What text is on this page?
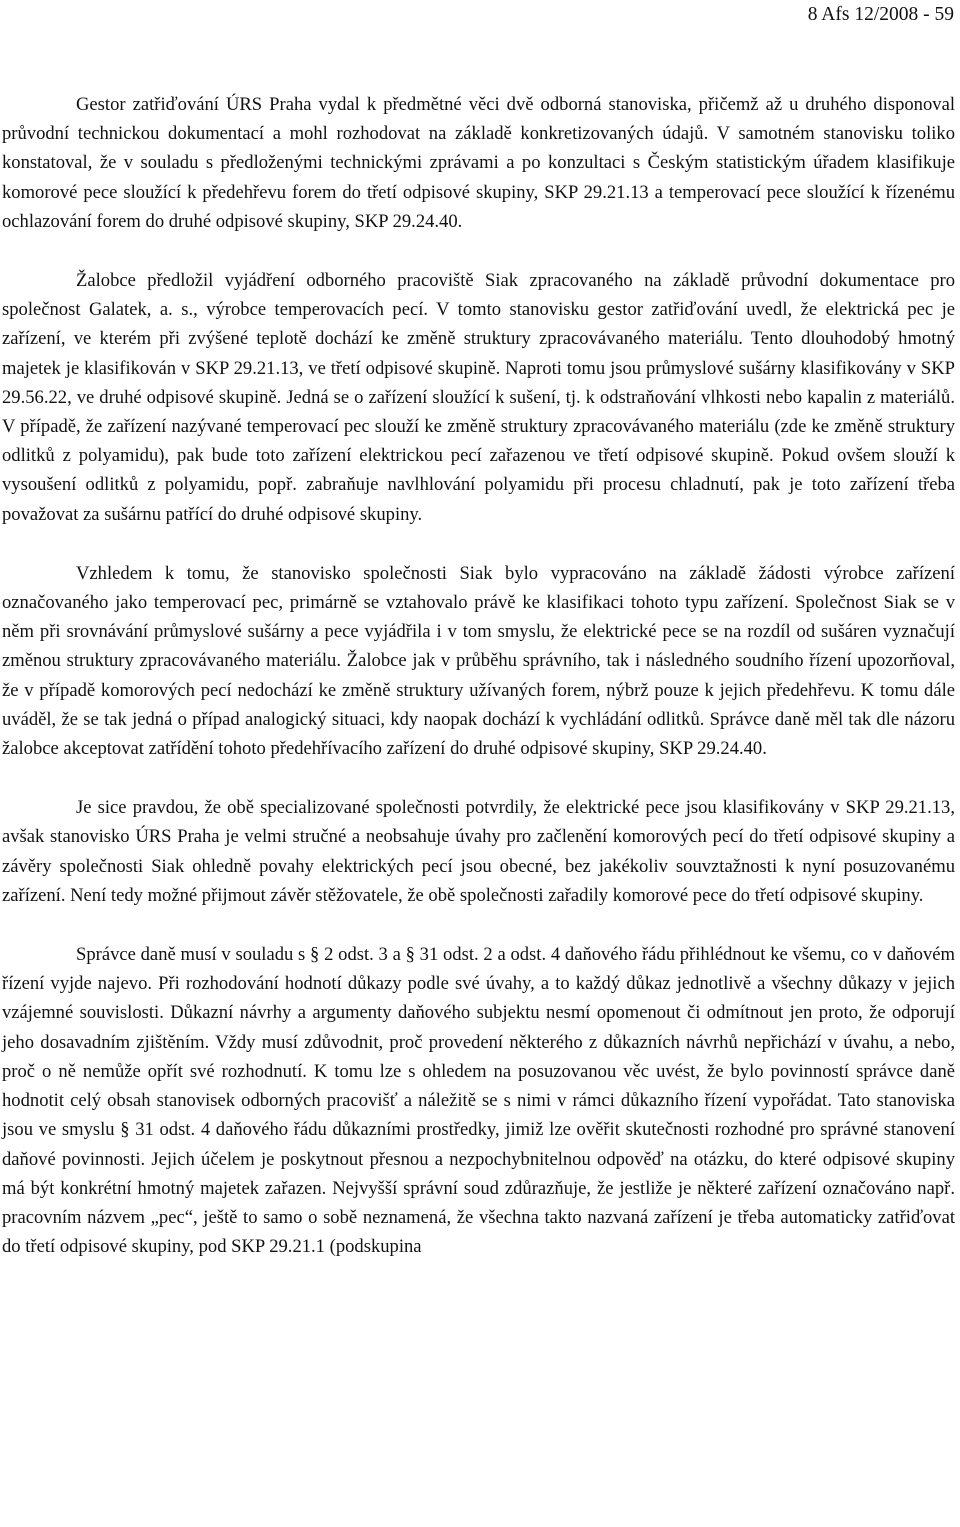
8 Afs 12/2008 - 59

Gestor zatřiďování ÚRS Praha vydal k předmětné věci dvě odborná stanoviska, přičemž až u druhého disponoval průvodní technickou dokumentací a mohl rozhodovat na základě konkretizovaných údajů. V samotném stanovisku toliko konstatoval, že v souladu s předloženými technickými zprávami a po konzultaci s Českým statistickým úřadem klasifikuje komorové pece sloužící k předehřevu forem do třetí odpisové skupiny, SKP 29.21.13 a temperovací pece sloužící k řízenému ochlazování forem do druhé odpisové skupiny, SKP 29.24.40.

Žalobce předložil vyjádření odborného pracoviště Siak zpracovaného na základě průvodní dokumentace pro společnost Galatek, a. s., výrobce temperovacích pecí. V tomto stanovisku gestor zatřiďování uvedl, že elektrická pec je zařízení, ve kterém při zvýšené teplotě dochází ke změně struktury zpracovávaného materiálu. Tento dlouhodobý hmotný majetek je klasifikován v SKP 29.21.13, ve třetí odpisové skupině. Naproti tomu jsou průmyslové sušárny klasifikovány v SKP 29.56.22, ve druhé odpisové skupině. Jedná se o zařízení sloužící k sušení, tj. k odstraňování vlhkosti nebo kapalin z materiálů. V případě, že zařízení nazývané temperovací pec slouží ke změně struktury zpracovávaného materiálu (zde ke změně struktury odlitků z polyamidu), pak bude toto zařízení elektrickou pecí zařazenou ve třetí odpisové skupině. Pokud ovšem slouží k vysoušení odlitků z polyamidu, popř. zabraňuje navlhlování polyamidu při procesu chladnutí, pak je toto zařízení třeba považovat za sušárnu patřící do druhé odpisové skupiny.

Vzhledem k tomu, že stanovisko společnosti Siak bylo vypracováno na základě žádosti výrobce zařízení označovaného jako temperovací pec, primárně se vztahovalo právě ke klasifikaci tohoto typu zařízení. Společnost Siak se v něm při srovnávání průmyslové sušárny a pece vyjádřila i v tom smyslu, že elektrické pece se na rozdíl od sušáren vyznačují změnou struktury zpracovávaného materiálu. Žalobce jak v průběhu správního, tak i následného soudního řízení upozorňoval, že v případě komorových pecí nedochází ke změně struktury užívaných forem, nýbrž pouze k jejich předehřevu. K tomu dále uváděl, že se tak jedná o případ analogický situaci, kdy naopak dochází k vychládání odlitků. Správce daně měl tak dle názoru žalobce akceptovat zatřídění tohoto předehřívacího zařízení do druhé odpisové skupiny, SKP 29.24.40.

Je sice pravdou, že obě specializované společnosti potvrdily, že elektrické pece jsou klasifikovány v SKP 29.21.13, avšak stanovisko ÚRS Praha je velmi stručné a neobsahuje úvahy pro začlenění komorových pecí do třetí odpisové skupiny a závěry společnosti Siak ohledně povahy elektrických pecí jsou obecné, bez jakékoliv souvztažnosti k nyní posuzovanému zařízení. Není tedy možné přijmout závěr stěžovatele, že obě společnosti zařadily komorové pece do třetí odpisové skupiny.

Správce daně musí v souladu s § 2 odst. 3 a § 31 odst. 2 a odst. 4 daňového řádu přihlédnout ke všemu, co v daňovém řízení vyjde najevo. Při rozhodování hodnotí důkazy podle své úvahy, a to každý důkaz jednotlivě a všechny důkazy v jejich vzájemné souvislosti. Důkazní návrhy a argumenty daňového subjektu nesmí opomenout či odmítnout jen proto, že odporují jeho dosavadním zjištěním. Vždy musí zdůvodnit, proč provedení některého z důkazních návrhů nepřichází v úvahu, a nebo, proč o ně nemůže opřít své rozhodnutí. K tomu lze s ohledem na posuzovanou věc uvést, že bylo povinností správce daně hodnotit celý obsah stanovisek odborných pracovišť a náležitě se s nimi v rámci důkazního řízení vypořádat. Tato stanoviska jsou ve smyslu § 31 odst. 4 daňového řádu důkazními prostředky, jimiž lze ověřit skutečnosti rozhodné pro správné stanovení daňové povinnosti. Jejich účelem je poskytnout přesnou a nezpochybnitelnou odpověď na otázku, do které odpisové skupiny má být konkrétní hmotný majetek zařazen. Nejvyšší správní soud zdůrazňuje, že jestliže je některé zařízení označováno např. pracovním názvem „pec“, ještě to samo o sobě neznamená, že všechna takto nazvaná zařízení je třeba automaticky zatřiďovat do třetí odpisové skupiny, pod SKP 29.21.1 (podskupina
